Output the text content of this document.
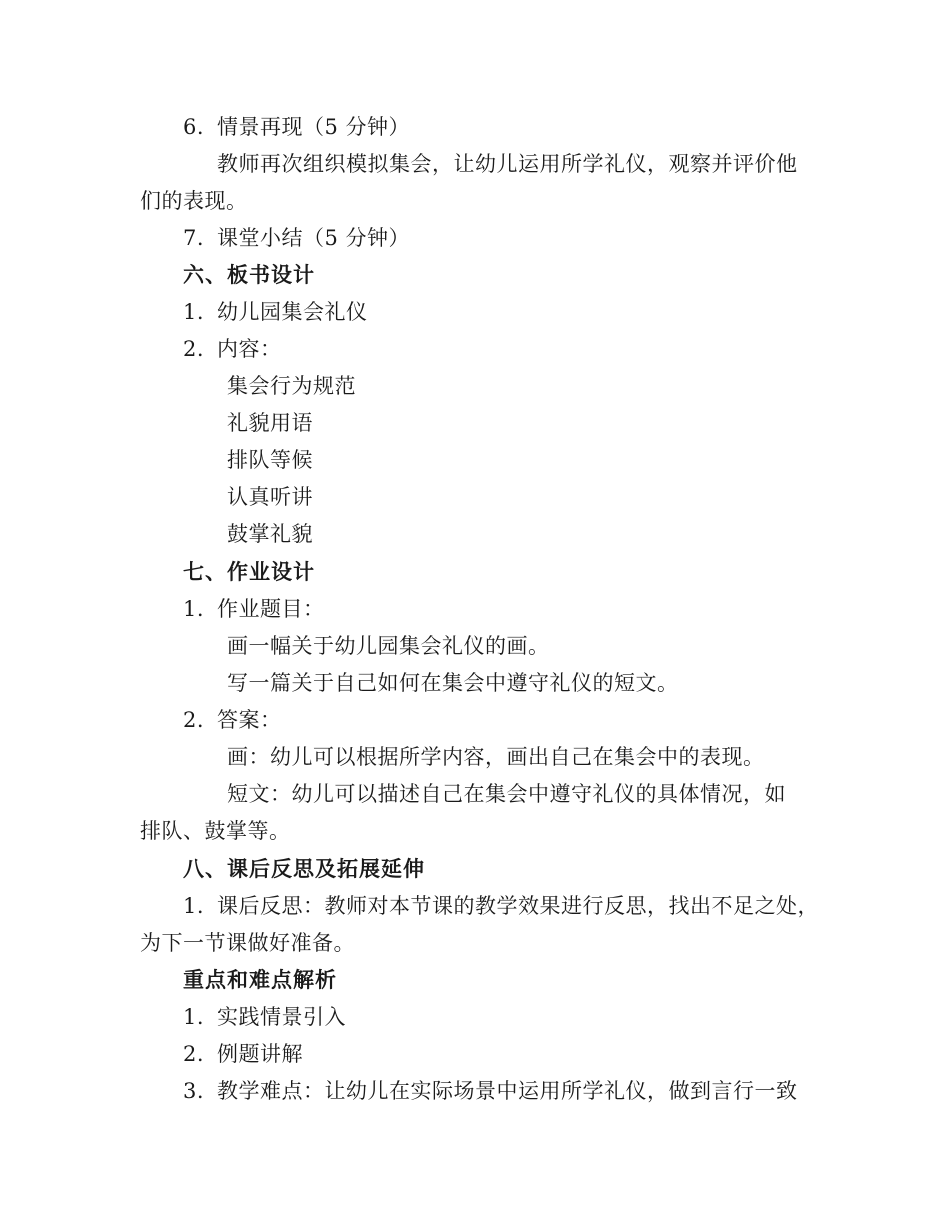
6. 情景再现（5 分钟）
教师再次组织模拟集会，让幼儿运用所学礼仪，观察并评价他
们的表现。
7. 课堂小结（5 分钟）
六、板书设计
1. 幼儿园集会礼仪
2. 内容：
集会行为规范
礼貌用语
排队等候
认真听讲
鼓掌礼貌
七、作业设计
1. 作业题目：
画一幅关于幼儿园集会礼仪的画。
写一篇关于自己如何在集会中遵守礼仪的短文。
2. 答案：
画：幼儿可以根据所学内容，画出自己在集会中的表现。
短文：幼儿可以描述自己在集会中遵守礼仪的具体情况，如
排队、鼓掌等。
八、课后反思及拓展延伸
1. 课后反思：教师对本节课的教学效果进行反思，找出不足之处，
为下一节课做好准备。
重点和难点解析
1. 实践情景引入
2. 例题讲解
3. 教学难点：让幼儿在实际场景中运用所学礼仪，做到言行一致
